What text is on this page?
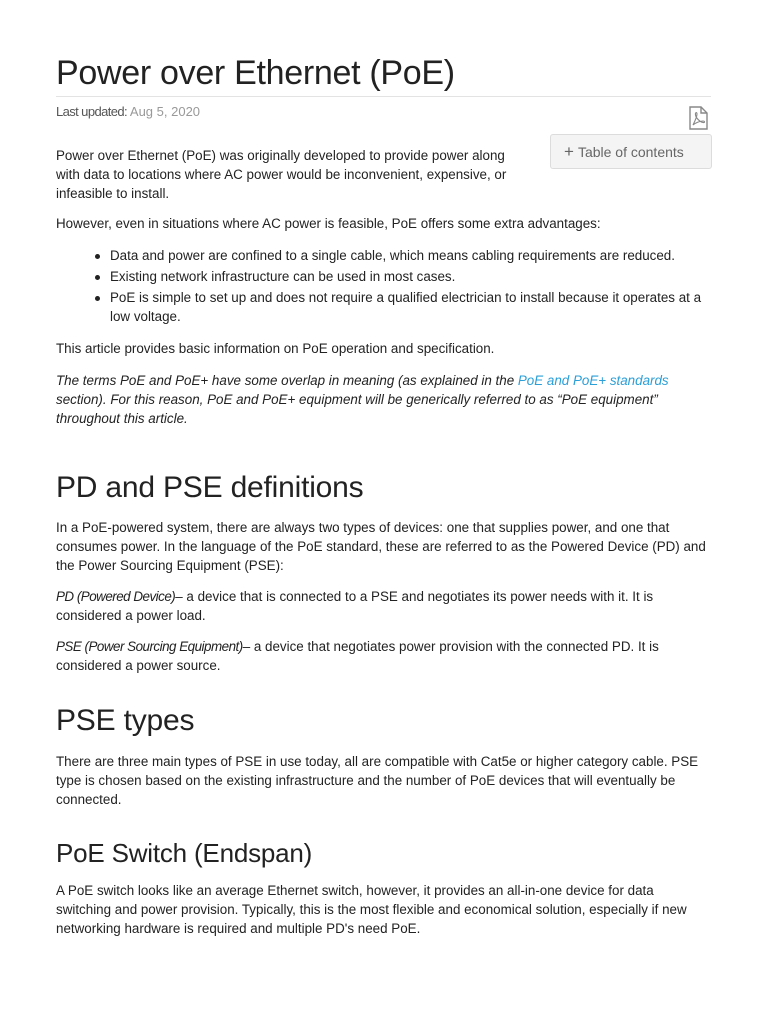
Power over Ethernet (PoE)
Last updated: Aug 5, 2020
+ Table of contents

Power over Ethernet (PoE) was originally developed to provide power along with data to locations where AC power would be inconvenient, expensive, or infeasible to install.

However, even in situations where AC power is feasible, PoE offers some extra advantages:

Data and power are confined to a single cable, which means cabling requirements are reduced.
Existing network infrastructure can be used in most cases.
PoE is simple to set up and does not require a qualified electrician to install because it operates at a low voltage.

This article provides basic information on PoE operation and specification.

The terms PoE and PoE+ have some overlap in meaning (as explained in the PoE and PoE+ standards section). For this reason, PoE and PoE+ equipment will be generically referred to as “PoE equipment” throughout this article.

PD and PSE definitions

In a PoE-powered system, there are always two types of devices: one that supplies power, and one that consumes power. In the language of the PoE standard, these are referred to as the Powered Device (PD) and the Power Sourcing Equipment (PSE):

PD (Powered Device)– a device that is connected to a PSE and negotiates its power needs with it. It is considered a power load.

PSE (Power Sourcing Equipment)– a device that negotiates power provision with the connected PD. It is considered a power source.

PSE types

There are three main types of PSE in use today, all are compatible with Cat5e or higher category cable. PSE type is chosen based on the existing infrastructure and the number of PoE devices that will eventually be connected.

PoE Switch (Endspan)

A PoE switch looks like an average Ethernet switch, however, it provides an all-in-one device for data switching and power provision. Typically, this is the most flexible and economical solution, especially if new networking hardware is required and multiple PD's need PoE.
